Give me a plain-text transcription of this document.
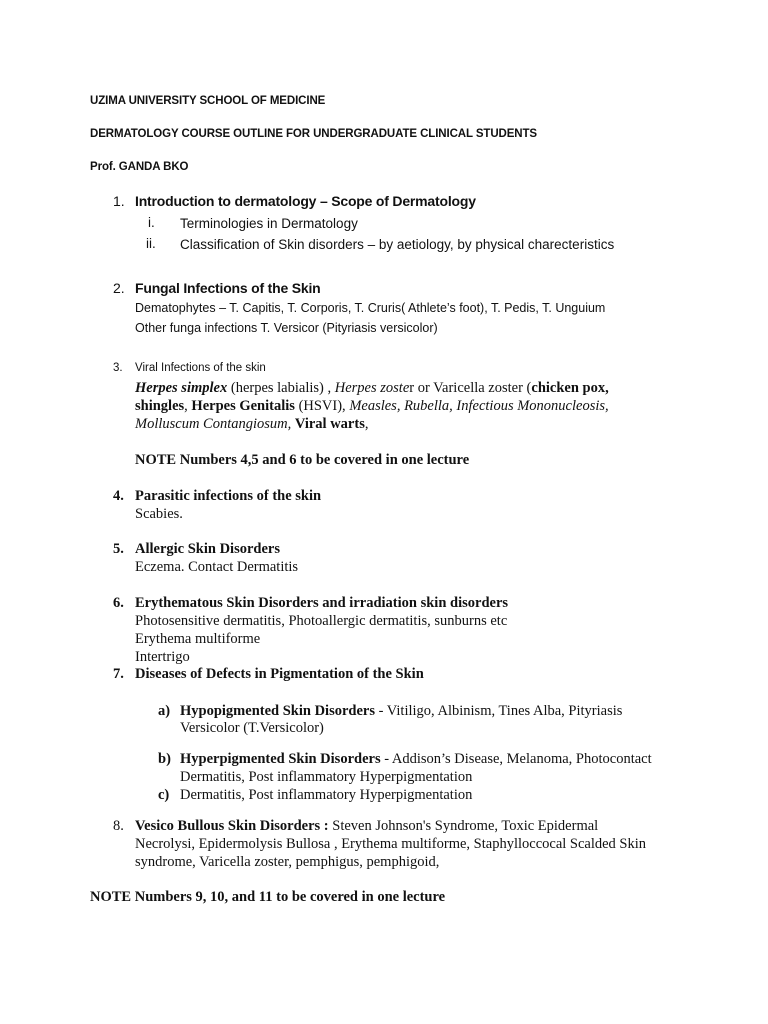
UZIMA UNIVERSITY SCHOOL OF MEDICINE
DERMATOLOGY COURSE OUTLINE FOR UNDERGRADUATE CLINICAL STUDENTS
Prof. GANDA BKO
1. Introduction to dermatology – Scope of Dermatology
i. Terminologies in Dermatology
ii. Classification of Skin disorders – by aetiology, by physical charecteristics
2. Fungal Infections of the Skin
Dematophytes – T. Capitis, T. Corporis, T. Cruris( Athlete’s foot), T. Pedis, T. Unguium
Other funga infections T. Versicor (Pityriasis versicolor)
3. Viral Infections of the skin
Herpes simplex (herpes labialis) , Herpes zoster or Varicella zoster (chicken pox,
shingles, Herpes Genitalis (HSVI), Measles, Rubella, Infectious Mononucleosis,
Molluscum Contangiosum, Viral warts,
NOTE Numbers 4,5 and 6 to be covered in one lecture
4. Parasitic infections of the skin
Scabies.
5. Allergic Skin Disorders
Eczema. Contact Dermatitis
6. Erythematous Skin Disorders and irradiation skin disorders
Photosensitive dermatitis, Photoallergic dermatitis, sunburns etc
Erythema multiforme
Intertrigo
7. Diseases of Defects in Pigmentation of the Skin
a) Hypopigmented Skin Disorders - Vitiligo, Albinism, Tines Alba, Pityriasis
Versicolor (T.Versicolor)
b) Hyperpigmented Skin Disorders - Addison’s Disease, Melanoma, Photocontact
Dermatitis, Post inflammatory Hyperpigmentation
c) Dermatitis, Post inflammatory Hyperpigmentation
8. Vesico Bullous Skin Disorders : Steven Johnson's Syndrome, Toxic Epidermal
Necrolysi, Epidermolysis Bullosa , Erythema multiforme, Staphylloccocal Scalded Skin
syndrome, Varicella zoster, pemphigus, pemphigoid,
NOTE Numbers 9, 10, and 11 to be covered in one lecture
